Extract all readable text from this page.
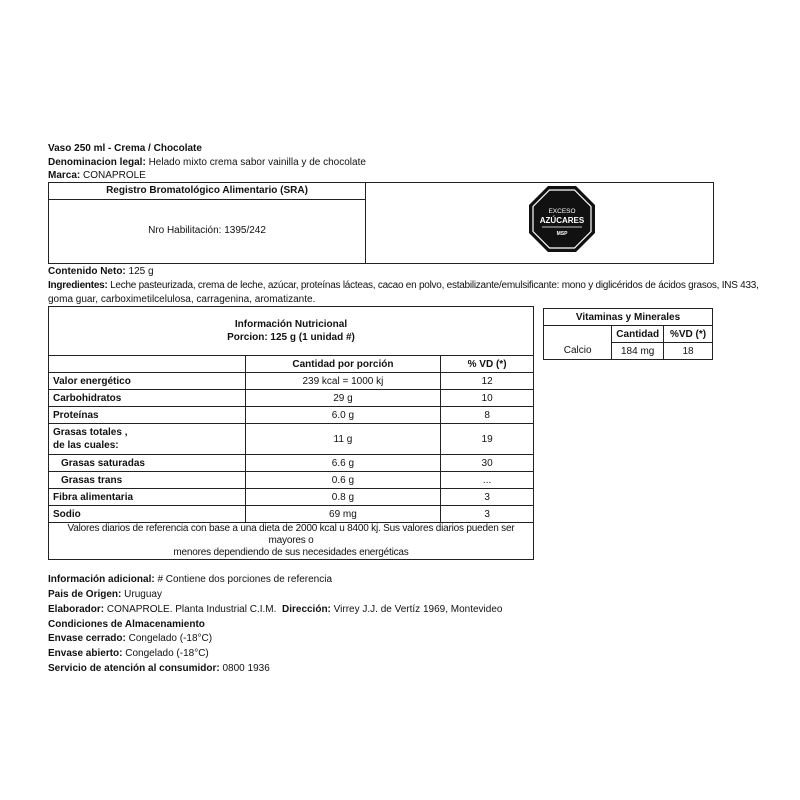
Vaso 250 ml - Crema / Chocolate
Denominacion legal: Helado mixto crema sabor vainilla y de chocolate
Marca: CONAPROLE
Registro Bromatológico Alimentario (SRA)
Nro Habilitación: 1395/242
EXCESO
AZÚCARES
MSP
Contenido Neto: 125 g
Ingredientes: Leche pasteurizada, crema de leche, azúcar, proteínas lácteas, cacao en polvo, estabilizante/emulsificante: mono y diglicéridos de ácidos grasos, INS 433,
goma guar, carboximetilcelulosa, carragenina, aromatizante.
Información Nutricional
Porcion: 125 g (1 unidad #)		

	Cantidad por porción	% VD (*)
Valor energético	239 kcal = 1000 kj	12
Carbohidratos	29 g	10
Proteínas	6.0 g	8

Grasas totales ,
de las cuales:	11 g	19
Grasas saturadas	6.6 g	30
Grasas trans	0.6 g	...
Fibra alimentaria	0.8 g	3
Sodio	69 mg	3

Valores diarios de referencia con base a una dieta de 2000 kcal u 8400 kj. Sus valores diarios pueden ser mayores o
menores dependiendo de sus necesidades energéticas		
Vitaminas y Minerales		
	Cantidad	%VD (*)
Calcio	184 mg	18
Información adicional: # Contiene dos porciones de referencia
Pais de Origen: Uruguay
Elaborador: CONAPROLE. Planta Industrial C.I.M. Dirección: Virrey J.J. de Vertíz 1969, Montevideo
Condiciones de Almacenamiento
Envase cerrado: Congelado (-18°C)
Envase abierto: Congelado (-18°C)
Servicio de atención al consumidor: 0800 1936
